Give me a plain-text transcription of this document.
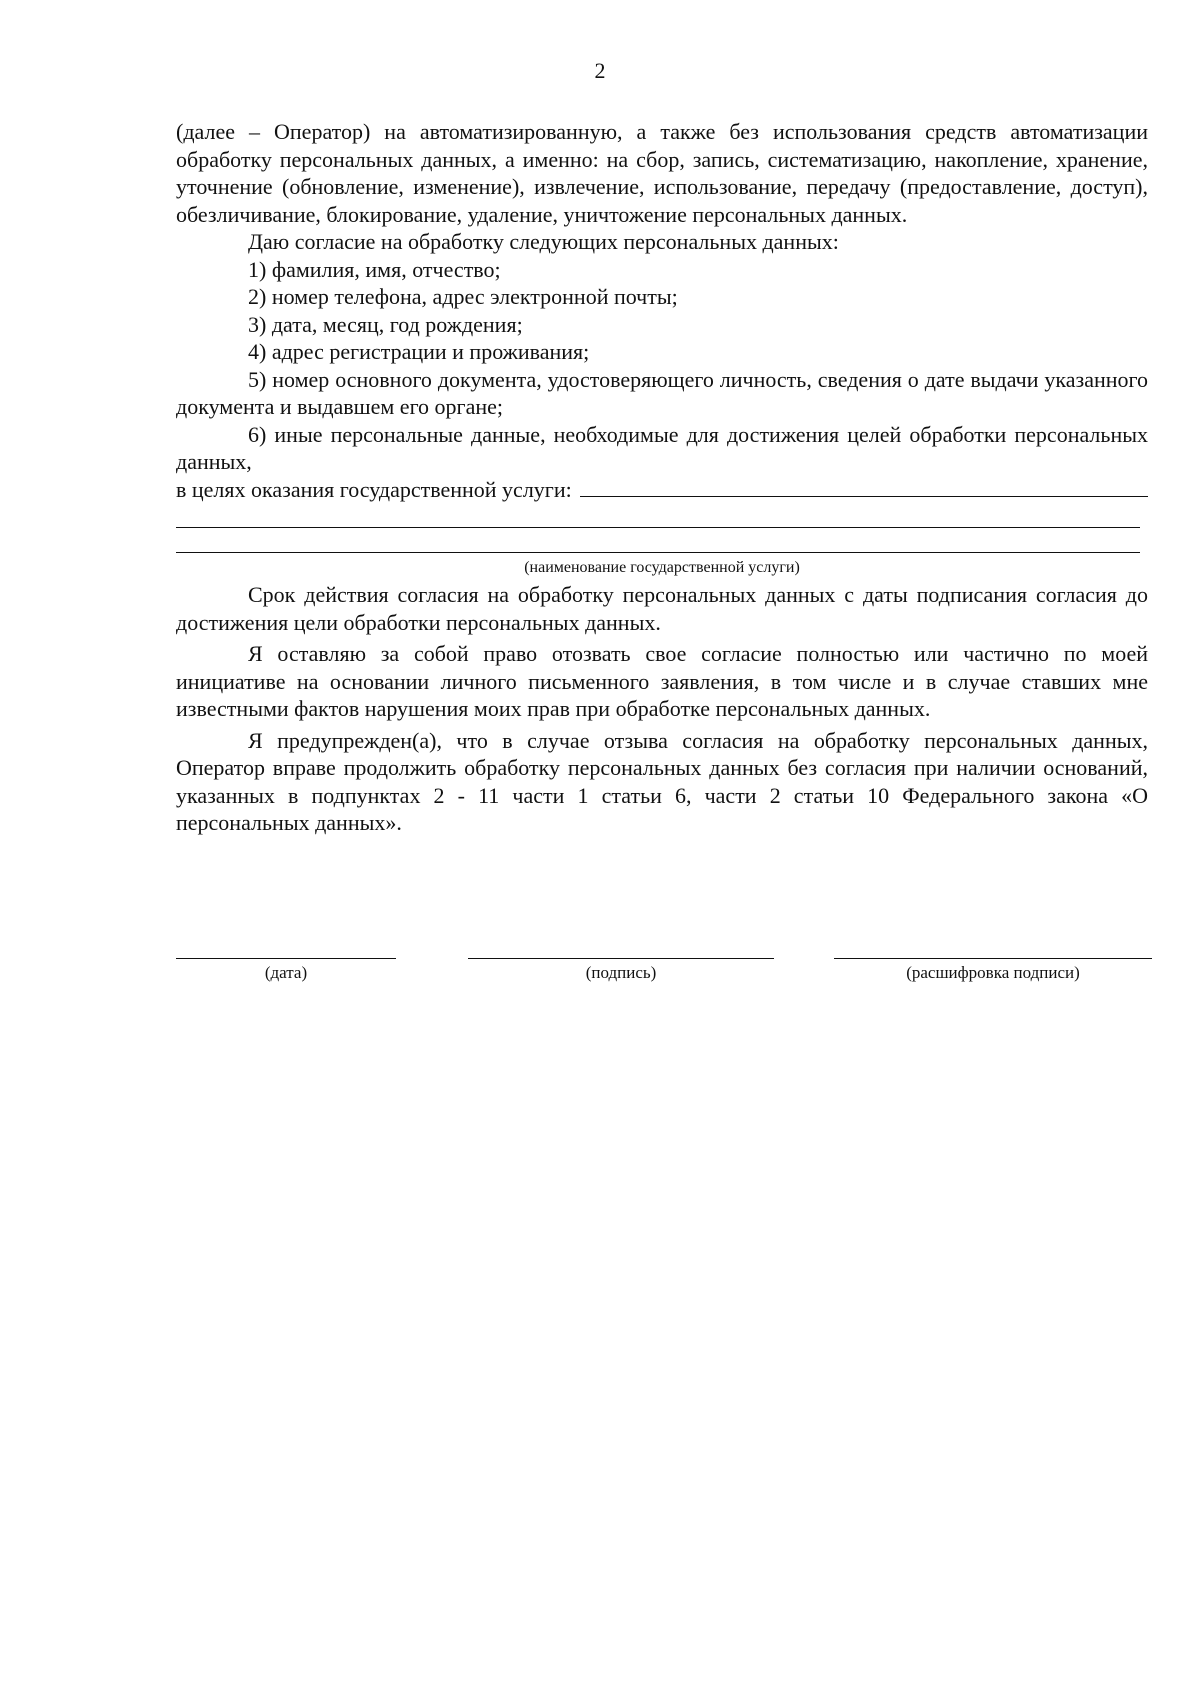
2

(далее – Оператор) на автоматизированную, а также без использования средств автоматизации обработку персональных данных, а именно: на сбор, запись, систематизацию, накопление, хранение, уточнение (обновление, изменение), извлечение, использование, передачу (предоставление, доступ), обезличивание, блокирование, удаление, уничтожение персональных данных.

Даю согласие на обработку следующих персональных данных:

1) фамилия, имя, отчество;

2) номер телефона, адрес электронной почты;

3) дата, месяц, год рождения;

4) адрес регистрации и проживания;

5) номер основного документа, удостоверяющего личность, сведения о дате выдачи указанного документа и выдавшем его органе;

6) иные персональные данные, необходимые для достижения целей обработки персональных данных,

в целях оказания государственной услуги:
(наименование государственной услуги)

Срок действия согласия на обработку персональных данных с даты подписания согласия до достижения цели обработки персональных данных.

Я оставляю за собой право отозвать свое согласие полностью или частично по моей инициативе на основании личного письменного заявления, в том числе и в случае ставших мне известными фактов нарушения моих прав при обработке персональных данных.

Я предупрежден(а), что в случае отзыва согласия на обработку персональных данных, Оператор вправе продолжить обработку персональных данных без согласия при наличии оснований, указанных в подпунктах 2 - 11 части 1 статьи 6, части 2 статьи 10 Федерального закона «О персональных данных».

(дата)	(подпись)	(расшифровка подписи)
